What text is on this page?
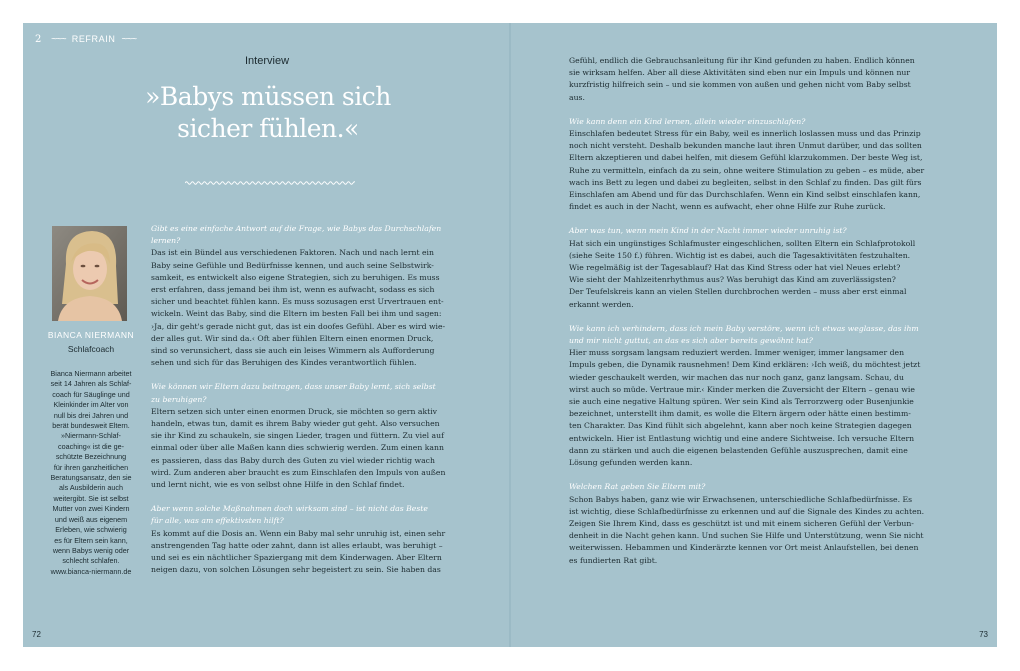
2 ~~~ REFRAIN ~~~
Interview
»Babys müssen sich
sicher fühlen.«
BIANCA NIERMANN
Schlafcoach
Bianca Niermann arbeitet
seit 14 Jahren als Schlaf-
coach für Säuglinge und
Kleinkinder im Alter von
null bis drei Jahren und
berät bundesweit Eltern.
»Niermann-Schlaf-
coaching« ist die ge-
schützte Bezeichnung
für ihren ganzheitlichen
Beratungsansatz, den sie
als Ausbilderin auch
weitergibt. Sie ist selbst
Mutter von zwei Kindern
und weiß aus eigenem
Erleben, wie schwierig
es für Eltern sein kann,
wenn Babys wenig oder
schlecht schlafen.
www.bianca-niermann.de

Gibt es eine einfache Antwort auf die Frage, wie Babys das Durchschlafen
lernen?

Das ist ein Bündel aus verschiedenen Faktoren. Nach und nach lernt ein
Baby seine Gefühle und Bedürfnisse kennen, und auch seine Selbstwirk-
samkeit, es entwickelt also eigene Strategien, sich zu beruhigen. Es muss
erst erfahren, dass jemand bei ihm ist, wenn es aufwacht, sodass es sich
sicher und beachtet fühlen kann. Es muss sozusagen erst Urvertrauen ent-
wickeln. Weint das Baby, sind die Eltern im besten Fall bei ihm und sagen:
›Ja, dir geht's gerade nicht gut, das ist ein doofes Gefühl. Aber es wird wie-
der alles gut. Wir sind da.‹ Oft aber fühlen Eltern einen enormen Druck,
sind so verunsichert, dass sie auch ein leises Wimmern als Aufforderung
sehen und sich für das Beruhigen des Kindes verantwortlich fühlen.

Wie können wir Eltern dazu beitragen, dass unser Baby lernt, sich selbst
zu beruhigen?

Eltern setzen sich unter einen enormen Druck, sie möchten so gern aktiv
handeln, etwas tun, damit es ihrem Baby wieder gut geht. Also versuchen
sie ihr Kind zu schaukeln, sie singen Lieder, tragen und füttern. Zu viel auf
einmal oder über alle Maßen kann dies schwierig werden. Zum einen kann
es passieren, dass das Baby durch des Guten zu viel wieder richtig wach
wird. Zum anderen aber braucht es zum Einschlafen den Impuls von außen
und lernt nicht, wie es von selbst ohne Hilfe in den Schlaf findet.

Aber wenn solche Maßnahmen doch wirksam sind – ist nicht das Beste
für alle, was am effektivsten hilft?

Es kommt auf die Dosis an. Wenn ein Baby mal sehr unruhig ist, einen sehr
anstrengenden Tag hatte oder zahnt, dann ist alles erlaubt, was beruhigt –
und sei es ein nächtlicher Spaziergang mit dem Kinderwagen. Aber Eltern
neigen dazu, von solchen Lösungen sehr begeistert zu sein. Sie haben das

Gefühl, endlich die Gebrauchsanleitung für ihr Kind gefunden zu haben. Endlich können
sie wirksam helfen. Aber all diese Aktivitäten sind eben nur ein Impuls und können nur
kurzfristig hilfreich sein – und sie kommen von außen und gehen nicht vom Baby selbst
aus.

Wie kann denn ein Kind lernen, allein wieder einzuschlafen?

Einschlafen bedeutet Stress für ein Baby, weil es innerlich loslassen muss und das Prinzip
noch nicht versteht. Deshalb bekunden manche laut ihren Unmut darüber, und das sollten
Eltern akzeptieren und dabei helfen, mit diesem Gefühl klarzukommen. Der beste Weg ist,
Ruhe zu vermitteln, einfach da zu sein, ohne weitere Stimulation zu geben – es müde, aber
wach ins Bett zu legen und dabei zu begleiten, selbst in den Schlaf zu finden. Das gilt fürs
Einschlafen am Abend und für das Durchschlafen. Wenn ein Kind selbst einschlafen kann,
findet es auch in der Nacht, wenn es aufwacht, eher ohne Hilfe zur Ruhe zurück.

Aber was tun, wenn mein Kind in der Nacht immer wieder unruhig ist?

Hat sich ein ungünstiges Schlafmuster eingeschlichen, sollten Eltern ein Schlafprotokoll
(siehe Seite 150 f.) führen. Wichtig ist es dabei, auch die Tagesaktivitäten festzuhalten.
Wie regelmäßig ist der Tagesablauf? Hat das Kind Stress oder hat viel Neues erlebt?
Wie sieht der Mahlzeitenrhythmus aus? Was beruhigt das Kind am zuverlässigsten?
Der Teufelskreis kann an vielen Stellen durchbrochen werden – muss aber erst einmal
erkannt werden.

Wie kann ich verhindern, dass ich mein Baby verstöre, wenn ich etwas weglasse, das ihm
und mir nicht guttut, an das es sich aber bereits gewöhnt hat?

Hier muss sorgsam langsam reduziert werden. Immer weniger, immer langsamer den
Impuls geben, die Dynamik rausnehmen! Dem Kind erklären: ›Ich weiß, du möchtest jetzt
wieder geschaukelt werden, wir machen das nur noch ganz, ganz langsam. Schau, du
wirst auch so müde. Vertraue mir.‹ Kinder merken die Zuversicht der Eltern – genau wie
sie auch eine negative Haltung spüren. Wer sein Kind als Terrorzwerg oder Busenjunkie
bezeichnet, unterstellt ihm damit, es wolle die Eltern ärgern oder hätte einen bestimm-
ten Charakter. Das Kind fühlt sich abgelehnt, kann aber noch keine Strategien dagegen
entwickeln. Hier ist Entlastung wichtig und eine andere Sichtweise. Ich versuche Eltern
dann zu stärken und auch die eigenen belastenden Gefühle auszusprechen, damit eine
Lösung gefunden werden kann.

Welchen Rat geben Sie Eltern mit?

Schon Babys haben, ganz wie wir Erwachsenen, unterschiedliche Schlafbedürfnisse. Es
ist wichtig, diese Schlafbedürfnisse zu erkennen und auf die Signale des Kindes zu achten.
Zeigen Sie Ihrem Kind, dass es geschützt ist und mit einem sicheren Gefühl der Verbun-
denheit in die Nacht gehen kann. Und suchen Sie Hilfe und Unterstützung, wenn Sie nicht
weiterwissen. Hebammen und Kinderärzte kennen vor Ort meist Anlaufstellen, bei denen
es fundierten Rat gibt.

72	73
